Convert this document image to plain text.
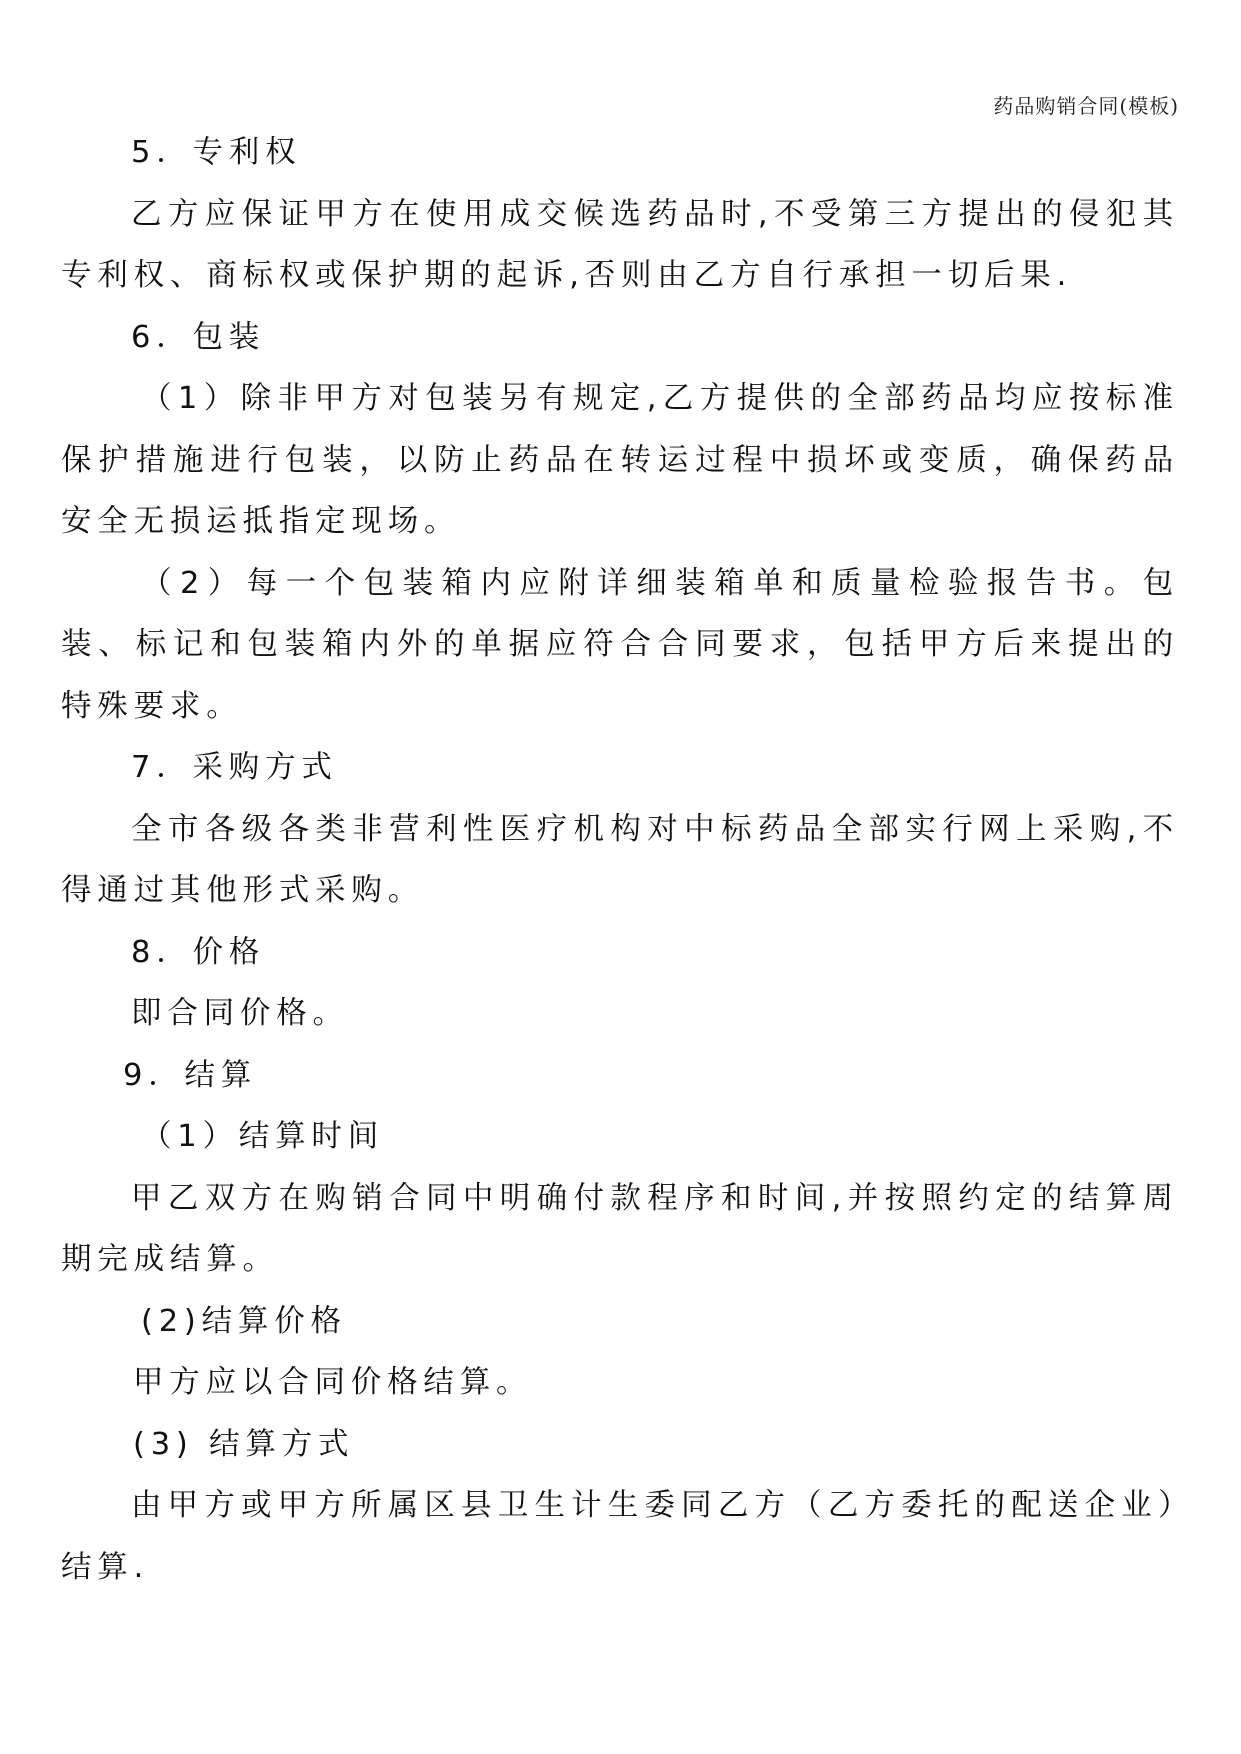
药品购销合同(模板)

5．专利权

乙方应保证甲方在使用成交候选药品时,不受第三方提出的侵犯其专利权、商标权或保护期的起诉,否则由乙方自行承担一切后果.

6．包装

（1）除非甲方对包装另有规定,乙方提供的全部药品均应按标准保护措施进行包装，以防止药品在转运过程中损坏或变质，确保药品安全无损运抵指定现场。

（2）每一个包装箱内应附详细装箱单和质量检验报告书。包装、标记和包装箱内外的单据应符合合同要求，包括甲方后来提出的特殊要求。

7．采购方式

全市各级各类非营利性医疗机构对中标药品全部实行网上采购,不得通过其他形式采购。

8．价格

即合同价格。

9．结算

（1）结算时间

甲乙双方在购销合同中明确付款程序和时间,并按照约定的结算周期完成结算。

(2)结算价格

甲方应以合同价格结算。

(3) 结算方式

由甲方或甲方所属区县卫生计生委同乙方（乙方委托的配送企业）结算.
